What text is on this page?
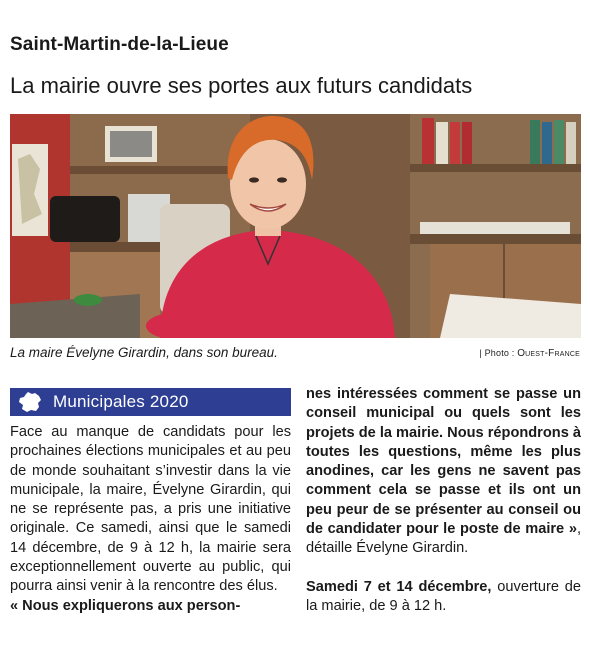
Saint-Martin-de-la-Lieue
La mairie ouvre ses portes aux futurs candidats
La maire Évelyne Girardin, dans son bureau.	| Photo : Ouest-France
Municipales 2020

Face au manque de candidats pour les prochaines élections municipales et au peu de monde souhaitant s’investir dans la vie municipale, la maire, Évelyne Girardin, qui ne se représente pas, a pris une initiative originale. Ce samedi, ainsi que le samedi 14 décembre, de 9 à 12 h, la mairie sera exceptionnellement ouverte au public, qui pourra ainsi venir à la rencontre des élus.

« Nous expliquerons aux person-

nes intéressées comment se passe un conseil municipal ou quels sont les projets de la mairie. Nous répondrons à toutes les questions, même les plus anodines, car les gens ne savent pas comment cela se passe et ils ont un peu peur de se présenter au conseil ou de candidater pour le poste de maire », détaille Évelyne Girardin.

Samedi 7 et 14 décembre, ouverture de la mairie, de 9 à 12 h.
